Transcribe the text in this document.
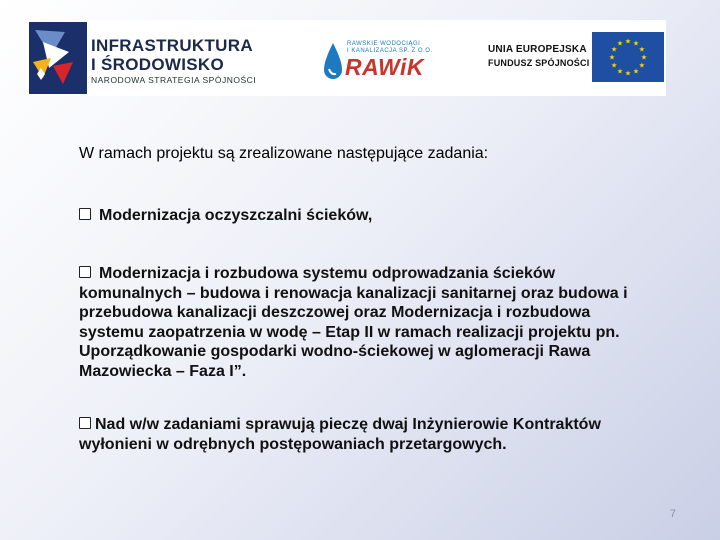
INFRASTRUKTURA
I ŚRODOWISKO
NARODOWA STRATEGIA SPÓJNOŚCI
RAWSKIE WODOCIĄGI
I KANALIZACJA SP. Z O.O.
RAWiK
UNIA EUROPEJSKA
FUNDUSZ SPÓJNOŚCI
★ ★
★
★
★
★
★
★
★
★
★
★
W ramach projektu są zrealizowane następujące zadania:
Modernizacja oczyszczalni ścieków,
Modernizacja i rozbudowa systemu odprowadzania ścieków komunalnych – budowa i renowacja kanalizacji sanitarnej oraz budowa i przebudowa kanalizacji deszczowej oraz Modernizacja i rozbudowa systemu zaopatrzenia w wodę – Etap II w ramach realizacji projektu pn. Uporządkowanie gospodarki wodno-ściekowej w aglomeracji Rawa Mazowiecka – Faza I”.
Nad w/w zadaniami sprawują pieczę dwaj Inżynierowie Kontraktów wyłonieni w odrębnych postępowaniach przetargowych.
7
